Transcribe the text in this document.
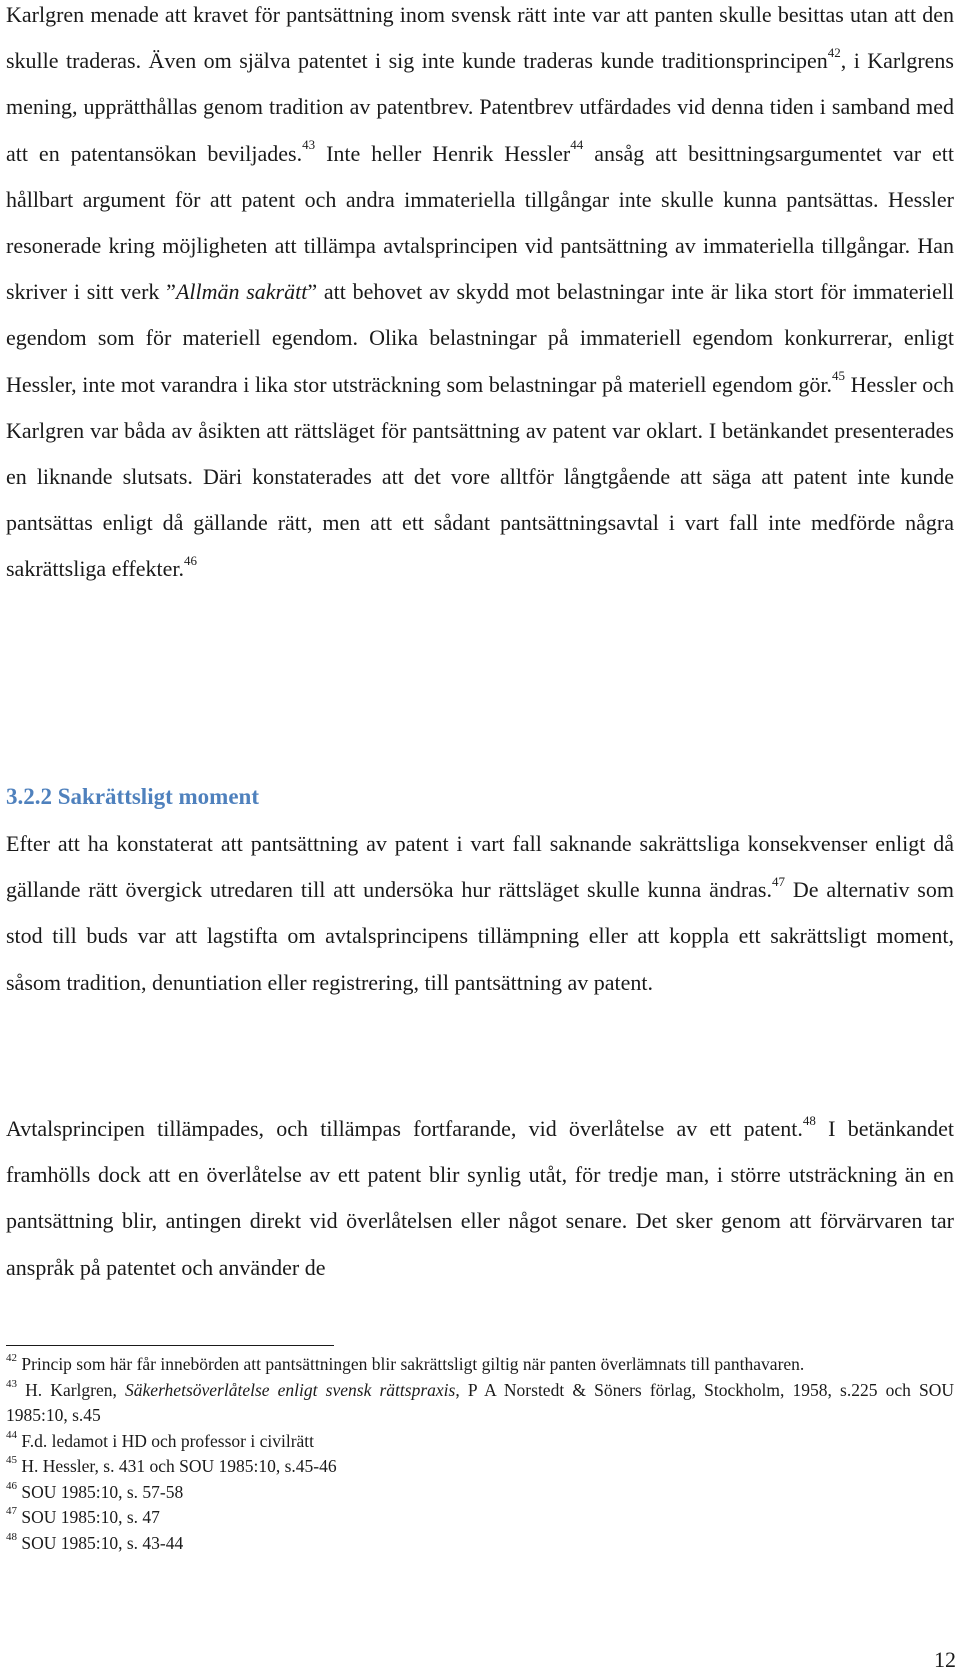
Karlgren menade att kravet för pantsättning inom svensk rätt inte var att panten skulle besittas utan att den skulle traderas. Även om själva patentet i sig inte kunde traderas kunde traditionsprincipen$^{42}$, i Karlgrens mening, upprätthållas genom tradition av patentbrev. Patentbrev utfärdades vid denna tiden i samband med att en patentansökan beviljades.$^{43}$ Inte heller Henrik Hessler$^{44}$ ansåg att besittningsargumentet var ett hållbart argument för att patent och andra immateriella tillgångar inte skulle kunna pantsättas. Hessler resonerade kring möjligheten att tillämpa avtalsprincipen vid pantsättning av immateriella tillgångar. Han skriver i sitt verk ”Allmän sakrätt” att behovet av skydd mot belastningar inte är lika stort för immateriell egendom som för materiell egendom. Olika belastningar på immateriell egendom konkurrerar, enligt Hessler, inte mot varandra i lika stor utsträckning som belastningar på materiell egendom gör.$^{45}$ Hessler och Karlgren var båda av åsikten att rättsläget för pantsättning av patent var oklart. I betänkandet presenterades en liknande slutsats. Däri konstaterades att det vore alltför långtgående att säga att patent inte kunde pantsättas enligt då gällande rätt, men att ett sådant pantsättningsavtal i vart fall inte medförde några sakrättsliga effekter.$^{46}$

3.2.2 Sakrättsligt moment

Efter att ha konstaterat att pantsättning av patent i vart fall saknande sakrättsliga konsekvenser enligt då gällande rätt övergick utredaren till att undersöka hur rättsläget skulle kunna ändras.$^{47}$ De alternativ som stod till buds var att lagstifta om avtalsprincipens tillämpning eller att koppla ett sakrättsligt moment, såsom tradition, denuntiation eller registrering, till pantsättning av patent.

Avtalsprincipen tillämpades, och tillämpas fortfarande, vid överlåtelse av ett patent.$^{48}$ I betänkandet framhölls dock att en överlåtelse av ett patent blir synlig utåt, för tredje man, i större utsträckning än en pantsättning blir, antingen direkt vid överlåtelsen eller något senare. Det sker genom att förvärvaren tar anspråk på patentet och använder de

$^{42}$ Princip som här får innebörden att pantsättningen blir sakrättsligt giltig när panten överlämnats till panthavaren.

$^{43}$ H. Karlgren, Säkerhetsöverlåtelse enligt svensk rättspraxis, P A Norstedt & Söners förlag, Stockholm, 1958, s.225 och SOU 1985:10, s.45

$^{44}$ F.d. ledamot i HD och professor i civilrätt

$^{45}$ H. Hessler, s. 431 och SOU 1985:10, s.45-46

$^{46}$ SOU 1985:10, s. 57-58

$^{47}$ SOU 1985:10, s. 47

$^{48}$ SOU 1985:10, s. 43-44

12
